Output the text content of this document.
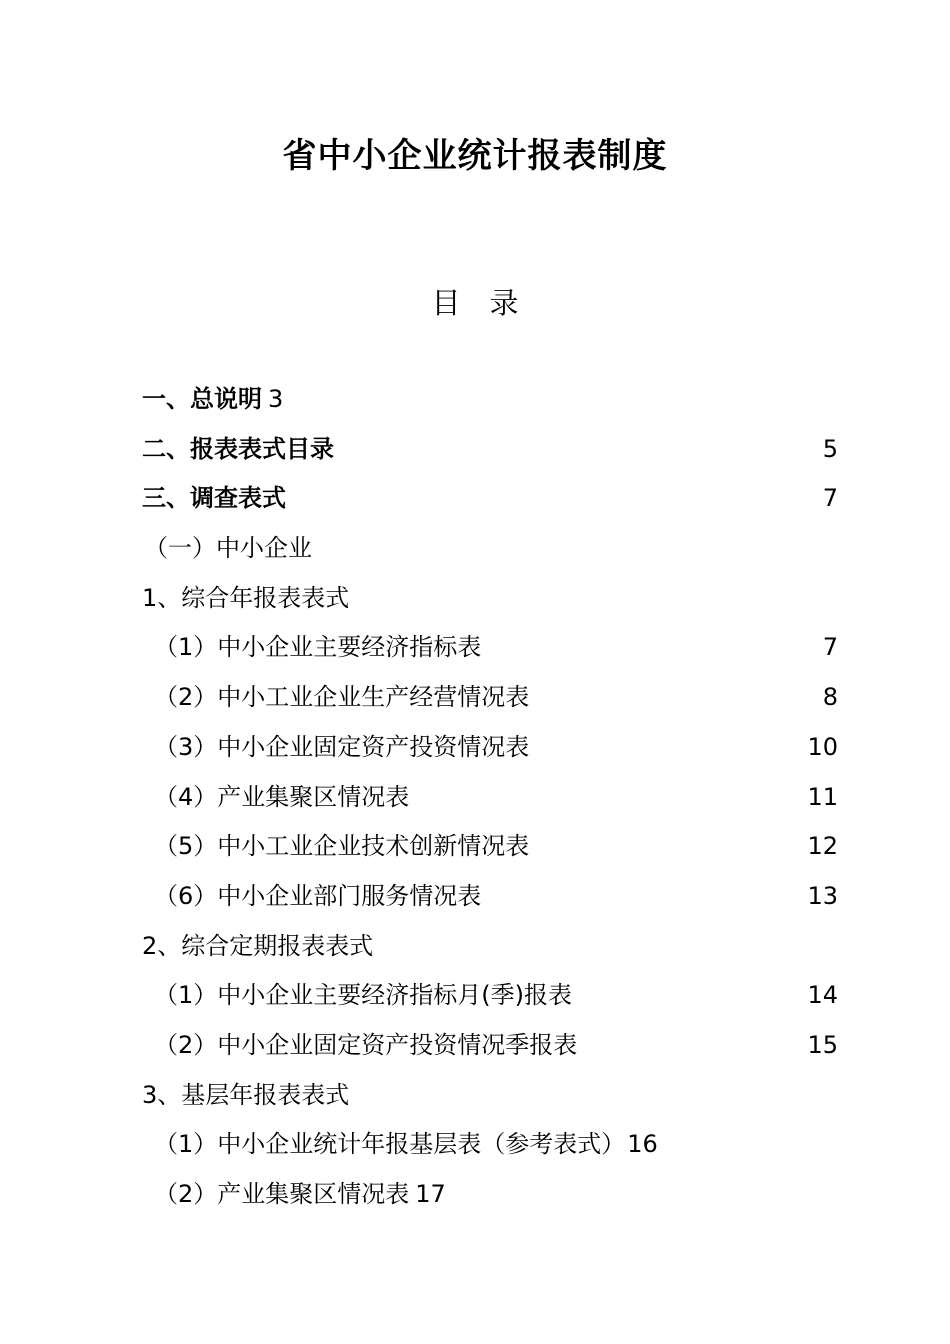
省中小企业统计报表制度
目　录
一、总说明 3
二、报表表式目录	5
三、调查表式	7
（一）中小企业
1、综合年报表表式
（1）中小企业主要经济指标表	7
（2）中小工业企业生产经营情况表	8
（3）中小企业固定资产投资情况表	10
（4）产业集聚区情况表	11
（5）中小工业企业技术创新情况表	12
（6）中小企业部门服务情况表	13
2、综合定期报表表式
（1）中小企业主要经济指标月(季)报表	14
（2）中小企业固定资产投资情况季报表	15
3、基层年报表表式
（1）中小企业统计年报基层表（参考表式）16
（2）产业集聚区情况表 17
